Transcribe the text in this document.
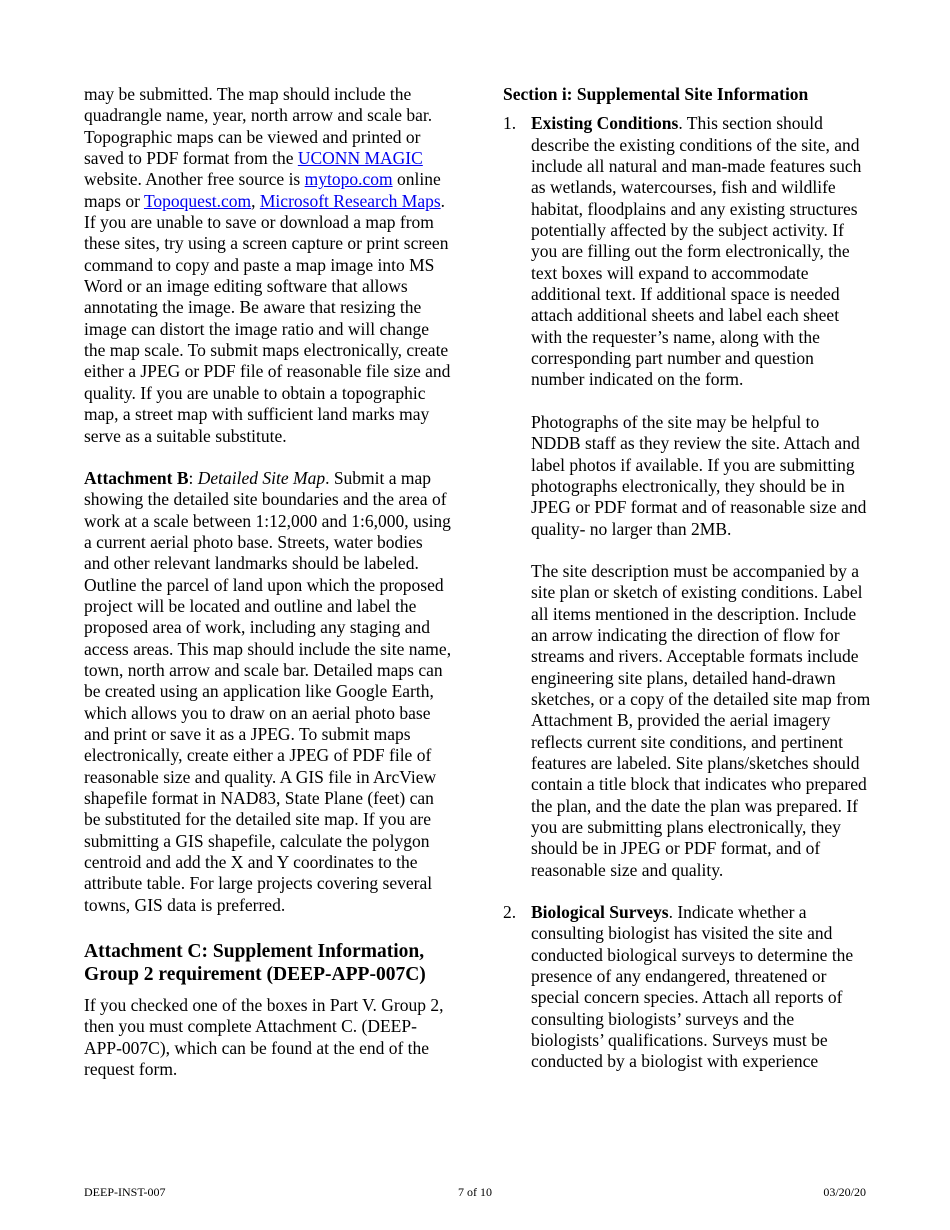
may be submitted. The map should include the quadrangle name, year, north arrow and scale bar. Topographic maps can be viewed and printed or saved to PDF format from the UCONN MAGIC website. Another free source is mytopo.com online maps or Topoquest.com, Microsoft Research Maps. If you are unable to save or download a map from these sites, try using a screen capture or print screen command to copy and paste a map image into MS Word or an image editing software that allows annotating the image. Be aware that resizing the image can distort the image ratio and will change the map scale. To submit maps electronically, create either a JPEG or PDF file of reasonable file size and quality. If you are unable to obtain a topographic map, a street map with sufficient land marks may serve as a suitable substitute.

Attachment B: Detailed Site Map. Submit a map showing the detailed site boundaries and the area of work at a scale between 1:12,000 and 1:6,000, using a current aerial photo base. Streets, water bodies and other relevant landmarks should be labeled. Outline the parcel of land upon which the proposed project will be located and outline and label the proposed area of work, including any staging and access areas. This map should include the site name, town, north arrow and scale bar. Detailed maps can be created using an application like Google Earth, which allows you to draw on an aerial photo base and print or save it as a JPEG. To submit maps electronically, create either a JPEG of PDF file of reasonable size and quality. A GIS file in ArcView shapefile format in NAD83, State Plane (feet) can be substituted for the detailed site map. If you are submitting a GIS shapefile, calculate the polygon centroid and add the X and Y coordinates to the attribute table. For large projects covering several towns, GIS data is preferred.

Attachment C: Supplement Information, Group 2 requirement (DEEP-APP-007C)

If you checked one of the boxes in Part V. Group 2, then you must complete Attachment C. (DEEP-APP-007C), which can be found at the end of the request form.

Section i: Supplemental Site Information

1. Existing Conditions. This section should describe the existing conditions of the site, and include all natural and man-made features such as wetlands, watercourses, fish and wildlife habitat, floodplains and any existing structures potentially affected by the subject activity. If you are filling out the form electronically, the text boxes will expand to accommodate additional text. If additional space is needed attach additional sheets and label each sheet with the requester’s name, along with the corresponding part number and question number indicated on the form.

Photographs of the site may be helpful to NDDB staff as they review the site. Attach and label photos if available. If you are submitting photographs electronically, they should be in JPEG or PDF format and of reasonable size and quality- no larger than 2MB.

The site description must be accompanied by a site plan or sketch of existing conditions. Label all items mentioned in the description. Include an arrow indicating the direction of flow for streams and rivers. Acceptable formats include engineering site plans, detailed hand-drawn sketches, or a copy of the detailed site map from Attachment B, provided the aerial imagery reflects current site conditions, and pertinent features are labeled. Site plans/sketches should contain a title block that indicates who prepared the plan, and the date the plan was prepared. If you are submitting plans electronically, they should be in JPEG or PDF format, and of reasonable size and quality.

2. Biological Surveys. Indicate whether a consulting biologist has visited the site and conducted biological surveys to determine the presence of any endangered, threatened or special concern species. Attach all reports of consulting biologists’ surveys and the biologists’ qualifications. Surveys must be conducted by a biologist with experience

DEEP-INST-007	7 of 10	03/20/20
